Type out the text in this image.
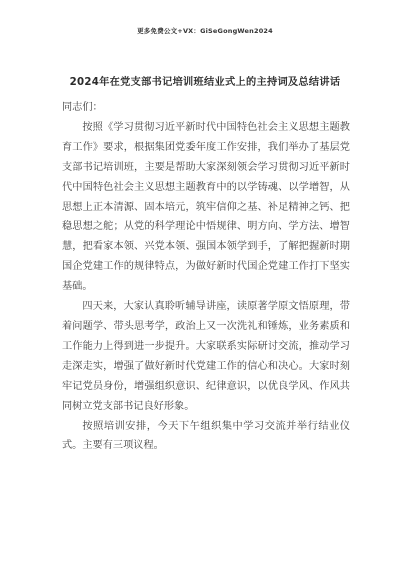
更多免费公文+VX：GiSeGongWen2024
2024年在党支部书记培训班结业式上的主持词及总结讲话

同志们：

按照《学习贯彻习近平新时代中国特色社会主义思想主题教育工作》要求，根据集团党委年度工作安排，我们举办了基层党支部书记培训班，主要是帮助大家深刻领会学习贯彻习近平新时代中国特色社会主义思想主题教育中的以学铸魂、以学增智，从思想上正本清源、固本培元，筑牢信仰之基、补足精神之钙、把稳思想之舵；从党的科学理论中悟规律、明方向、学方法、增智慧，把看家本领、兴党本领、强国本领学到手，了解把握新时期国企党建工作的规律特点，为做好新时代国企党建工作打下坚实基础。

四天来，大家认真聆听辅导讲座，读原著学原文悟原理，带着问题学、带头思考学，政治上又一次洗礼和锤炼，业务素质和工作能力上得到进一步提升。大家联系实际研讨交流，推动学习走深走实，增强了做好新时代党建工作的信心和决心。大家时刻牢记党员身份，增强组织意识、纪律意识，以优良学风、作风共同树立党支部书记良好形象。

按照培训安排，今天下午组织集中学习交流并举行结业仪式。主要有三项议程。
